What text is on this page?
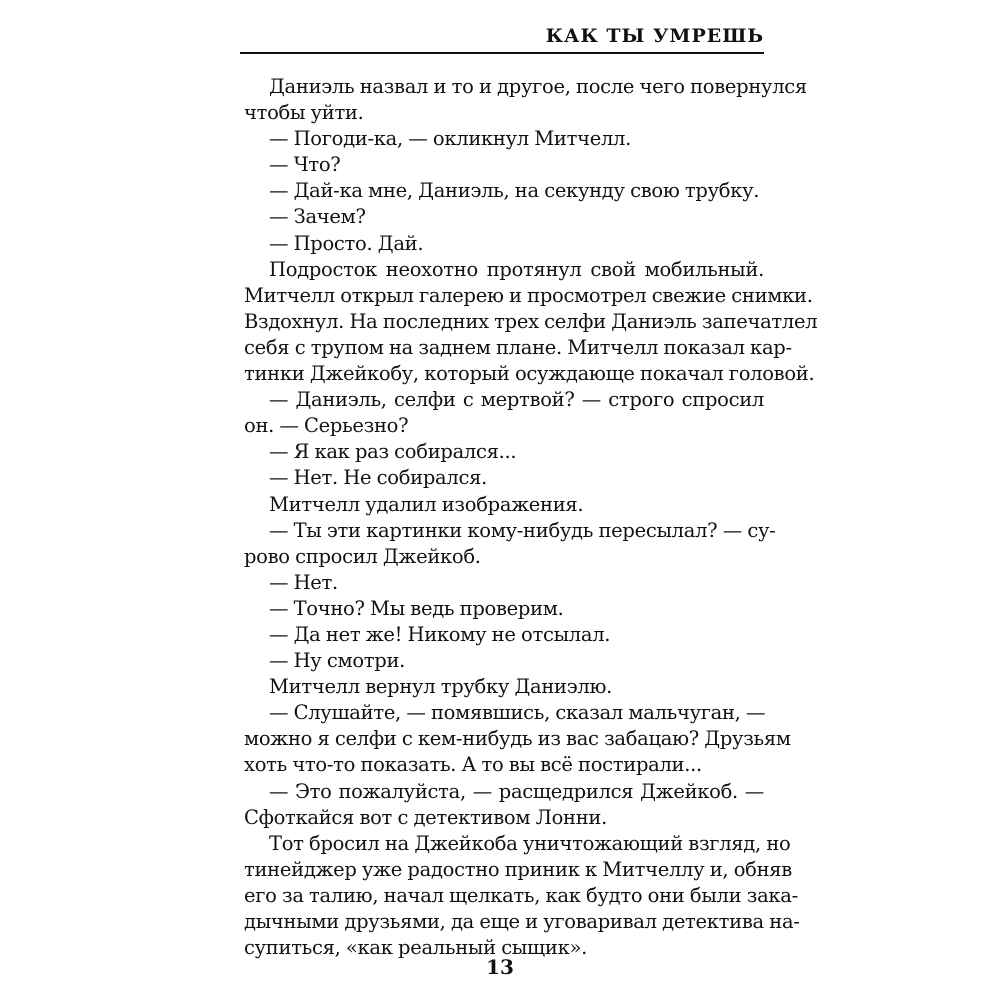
КАК ТЫ УМРЕШЬ
Даниэль назвал и то и другое, после чего повернулся
чтобы уйти.
— Погоди-ка, — окликнул Митчелл.
— Что?
— Дай-ка мне, Даниэль, на секунду свою трубку.
— Зачем?
— Просто. Дай.
Подросток неохотно протянул свой мобильный.
Митчелл открыл галерею и просмотрел свежие снимки.
Вздохнул. На последних трех селфи Даниэль запечатлел
себя с трупом на заднем плане. Митчелл показал кар-
тинки Джейкобу, который осуждающе покачал головой.
— Даниэль, селфи с мертвой? — строго спросил
он. — Серьезно?
— Я как раз собирался...
— Нет. Не собирался.
Митчелл удалил изображения.
— Ты эти картинки кому-нибудь пересылал? — су-
рово спросил Джейкоб.
— Нет.
— Точно? Мы ведь проверим.
— Да нет же! Никому не отсылал.
— Ну смотри.
Митчелл вернул трубку Даниэлю.
— Слушайте, — помявшись, сказал мальчуган, —
можно я селфи с кем-нибудь из вас забацаю? Друзьям
хоть что-то показать. А то вы всё постирали...
— Это пожалуйста, — расщедрился Джейкоб. —
Сфоткайся вот с детективом Лонни.
Тот бросил на Джейкоба уничтожающий взгляд, но
тинейджер уже радостно приник к Митчеллу и, обняв
его за талию, начал щелкать, как будто они были зака-
дычными друзьями, да еще и уговаривал детектива на-
супиться, «как реальный сыщик».
13
